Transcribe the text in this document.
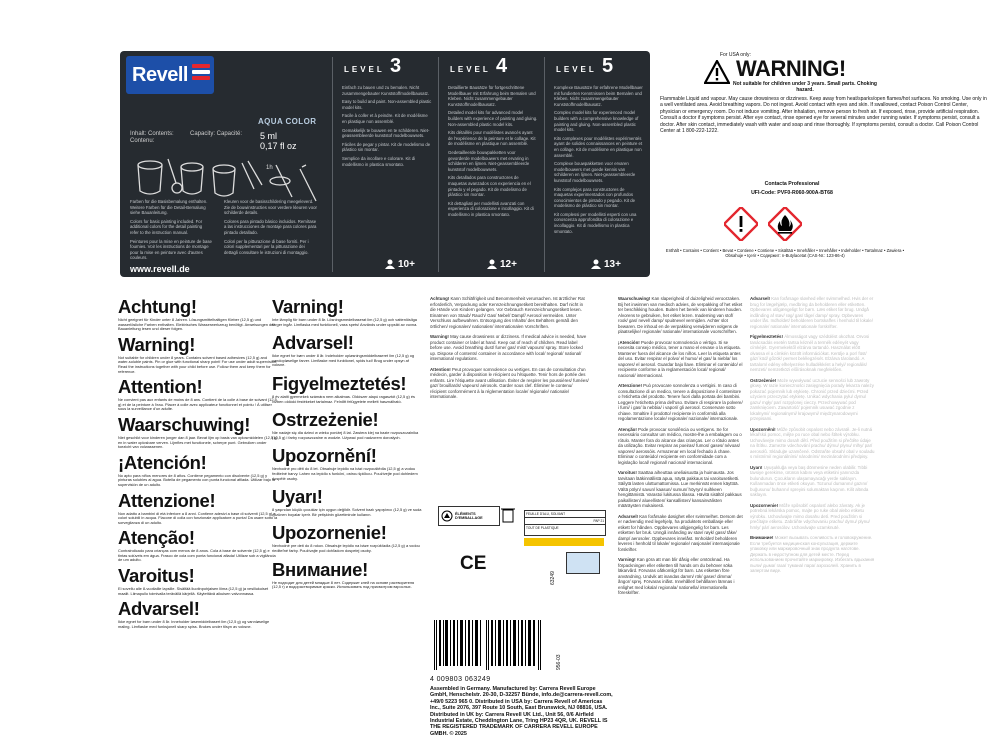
Revell
AQUA COLOR
Inhalt: Contents: Contenu:
Capacity: Capacité:	5 ml
0,17 fl oz
1h

Farben für die Basisbemalung enthalten. Weitere Farben für die Detail-Bemalung siehe Bauanleitung.

Colors for basic painting included. For additional colors for the detail painting refer to the instruction manual.

Peintures pour la mise en peinture de base fournies. Voir les instructions de montage pour la mise en peinture avec d'autres couleurs.

Kleuren voor de basisschildering meegeleverd. Zie de bouwinstructies voor verdere kleuren voor schilderde details.

Colores para pintado básico incluidos. Remítase a las instrucciones de montaje para colores para pintado detallado.

Colori per la pitturazione di base forniti. Per i colori supplementari per la pitturazione dei dettagli consultare le istruzioni di montaggio.

www.revell.de
LEVEL 3

Einfach zu bauen und zu bemalen. Nicht zusammengebauter Kunststoffmodellbausatz.

Easy to build and paint. Non-assembled plastic model kits.

Facile à coller et à peindre. Kit de modélisme en plastique non assemblé.

Gemakkelijk te bouwen en te schilderen. Niet-geassembleerde kunststof modelbouwsets.

Fáciles de pegar y pintar. Kit de modelismo de plástico sin montar.

Semplice da incollare e colorare. Kit di modellismo in plastica smontato.

10+
LEVEL 4

Detaillierte Bausätze für fortgeschrittene Modellbauer mit Erfahrung beim Bemalen und Kleben. Nicht zusammengebauter Kunststoffmodellbausatz.

Detailed model kits for advanced model builders with experience of painting and gluing. Non-assembled plastic model kits.

Kits détaillés pour modélistes avancés ayant de l'expérience de la peinture et le collage. Kit de modélisme en plastique non assemblé.

Gedetailleerde bouwpakketten voor gevorderde modelbouwers met ervaring in schilderen en lijmen. Niet-geassembleerde kunststof modelbouwsets.

Kits detallados para constructores de maquetas avanzados con experiencia en el pintado y el pegado. Kit de modelismo de plástico sin montar.

Kit dettagliati per modellisti avanzati con esperienza di colorazione e incollaggio. Kit di modellismo in plastica smontato.

12+
LEVEL 5

Komplexe Bausätze für erfahrene Modellbauer mit fundierten Kenntnissen beim Bemalen und Kleben. Nicht zusammengebauter Kunststoffmodellbausatz.

Complex model kits for experienced model builders with a comprehensive knowledge of painting and gluing. Non-assembled plastic model kits.

Kits complexes pour modélistes expérimentés ayant de solides connaissances en peinture et en collage. Kit de modélisme en plastique non assemblé.

Complexe bouwpakketten voor ervaren modelbouwers met goede kennis van schilderen en lijmen. Niet-geassembleerde kunststof modelbouwsets.

Kits complejos para constructores de maquetas experimentados con profundos conocimientos de pintado y pegado. Kit de modelismo de plástico sin montar.

Kit complessi per modellisti esperti con una conoscenza approfondita di colorazione e incollaggio. Kit di modellismo in plastica smontato.

13+
For USA only:
WARNING!
Not suitable for children under 3 years. Small parts. Choking hazard.
Flammable Liquid and vapour. May cause drowsiness or dizziness. Keep away from heat/sparks/open flames/hot surfaces. No smoking. Use only in a well ventilated area. Avoid breathing vapors. Do not ingest. Avoid contact with eyes and skin. If swallowed, contact Poison Control Center, physician or emergency room. Do not induce vomiting. After inhalation, remove person to fresh air. If exposed, rinse, provide artificial respiration. Consult a doctor if symptoms persist. After eye contact, rinse opened eye for several minutes under running water. If symptoms persist, consult a doctor. After skin contact, immediately wash with water and soap and rinse thoroughly. If symptoms persist, consult a doctor. Call Poison Control Center at 1 800-222-1222.
Contacta Professional
UFI-Code: PVF0-R060-900A-BT68
Enthält • Contains • Contient • Bevat • Contiene • Contiene • Sisältää • Innehåller • Innehåller • Indeholder • Tartalmaz • Zawiera • Obsahuje • Içerir • Содержит: n-Butylacetat (CAS-Nr.: 123-86-4)
Achtung!
Nicht geeignet für Kinder unter 8 Jahren. Lösungsmittelhaltigen Kleber (12,5 g) und wasserlösliche Farben enthalten. Elektrisches Wasserwerkzeug benötigt. Anweisungen der Bauanleitung lesen und dieser folgen.
Warning!
Not suitable for children under 8 years. Contains solvent based adhesives (12,5 g) and water-soluble paints. Pin or glue with functional sharp point! For use under adult supervision. Read the instructions together with your child before use. Follow them and keep them for reference.
Attention!
Ne convient pas aux enfants de moins de 8 ans. Contient de la colle à base de solvant (12,5 g) et de la peinture à l'eau. Placer à colle avec applicateur fonctionnel et pointu ! À utiliser sous la surveillance d'un adulte.
Waarschuwing!
Niet geschikt voor kinderen jonger dan 8 jaar. Bevat lijm op basis van oplosmiddelen (12,5 g) en in water oplosbare verven. Lijmfles met functionele, scherpe punt. Gebruiken onder toezicht van volwassenen.
¡Atención!
No apto para niños menores de 8 años. Contiene pegamento con disolvente (12,5 g) y pinturas solubles al agua. Botella de pegamento con punta funcional afilada. Utilizar bajo la supervisión de un adulto.
Attenzione!
Non adatto a bambini di età inferiore a 8 anni. Contiene adesivi a base di solventi (12,5 g) e colori solubili in acqua. Flacone di colla con funzionale applicatore a punta! Da usare sotto la sorveglianza di un adulto.
Atenção!
Contraindicado para crianças com menos de 8 anos. Cola à base de solvente (12,5 g) e tintas solúveis em água. Frasco de cola com ponta funcional afiada! Utilizar sob a vigilância de um adulto.
Varoitus!
Ei sovellu alle 8-vuotiaille lapsille. Sisältää liuotinpohjaisen liima (12,5 g) ja vesiliukoiset maalit. Liimapullo toimivalla terävällä kärjellä. Käytettävä aikuisen valvonnassa.
Advarsel!
Ikke egnet for barn under 8 år. Inneholder løsemiddelbasert lim (12,5 g) og vannløselige maling. Limflaske med funksjonell skarp spiss. Brukes under tilsyn av voksne.
Varning!
Inte lämplig för barn under 8 år. Lösningsmedelbaserat lim (12,5 g) och vattenlösliga färger ingår. Limflaska med funktionell, vass spets! Används under uppsikt av vuxna.
Advarsel!
Ikke egnet for børn under 8 år. Indeholder opløsningsmiddelbaseret lim (12,5 g) og vandopløselige farver. Limflaske med funktionel, spids tud! Brug under opsyn af voksne.
Figyelmeztetés!
8 év alatti gyermekek számára nem alkalmas. Oldószer alapú ragasztót (12,5 g) és vízben oldódó festékeket tartalmaz. Felnőtt felügyelete mellett használható.
Ostrzeżenie!
Nie nadaje się dla dzieci w wieku poniżej 8 lat. Zawiera klej na bazie rozpuszczalnika (12,5 g) i farby rozpuszczalne w wodzie. Używać pod nadzorem dorosłych.
Upozornění!
Nevhodné pro děti do 8 let. Obsahuje lepidlo na bázi rozpouštědla (12,5 g) a vodou ředitelné barvy. Lahev na lepidlo s funkční, ostrou špičkou. Používejte pod dohledem dospělé osoby.
Uyarı!
8 yaşından küçük çocuklar için uygun değildir. Solvent bazlı yapıştırıcı (12,5 g) ve suda çözünen boyalar içerir. Bir yetişkinin gözetiminde kullanın.
Upozornenie!
Nevhodné pre deti do 8 rokov. Obsahuje lepidlo na báze rozpúšťadla (12,5 g) a vodou riediteľné farby. Používajte pod dohľadom dospelej osoby.
Внимание!
Не подходит для детей младше 8 лет. Содержит клей на основе растворителя (12,5 г) и водорастворимые краски. Использовать под присмотром взрослых.

Achtung! Kann Schläfrigkeit und Benommenheit verursachen. Ist ärztlicher Rat erforderlich, Verpackung oder Kennzeichnungsetikett bereithalten. Darf nicht in die Hände von Kindern gelangen. Vor Gebrauch Kennzeichnungsetikett lesen. Einatmen von Staub/ Rauch/ Gas/ Nebel/ Dampf/ Aerosol vermeiden. Unter Verschluss aufbewahren. Entsorgung des Inhalts/ des Behälters gemäß den örtlichen/ regionalen/ nationalen/ internationalen Vorschriften.

Warning! May cause drowsiness or dizziness. If medical advice is needed, have product container or label at hand. Keep out of reach of children. Read label before use. Avoid breathing dust/ fume/ gas/ mist/ vapours/ spray. Store locked up. Dispose of contents/ container in accordance with local/ regional/ national/ international regulations.

Attention! Peut provoquer somnolence ou vertiges. En cas de consultation d'un médecin, garder à disposition le récipient ou l'étiquette. Tenir hors de portée des enfants. Lire l'étiquette avant utilisation. Éviter de respirer les poussières/ fumées/ gaz/ brouillards/ vapeurs/ aérosols. Garder sous clef. Éliminer le contenu/ récipient conformément à la réglementation locale/ régionale/ nationale/ internationale.

Waarschuwing! Kan slaperigheid of duizeligheid veroorzaken. Bij het inwinnen van medisch advies, de verpakking of het etiket ter beschikking houden. Buiten het bereik van kinderen houden. Alvorens te gebruiken, het etiket lezen. Inademing van stof/ rook/ gas/ nevel/ damp/ spuitnevel vermijden. Achter slot bewaren. De inhoud en de verpakking verwijderen volgens de plaatselijke/ regionale/ nationale/ internationale voorschriften.

¡Atención! Puede provocar somnolencia o vértigo. Si se necesita consejo médico, tener a mano el envase o la etiqueta. Mantener fuera del alcance de los niños. Leer la etiqueta antes del uso. Evitar respirar el polvo/ el humo/ el gas/ la niebla/ los vapores/ el aerosol. Guardar bajo llave. Eliminar el contenido/ el recipiente conforme a la reglamentación local/ regional/ nacional/ internacional.

Attenzione! Può provocare sonnolenza o vertigini. In caso di consultazione di un medico, tenere a disposizione il contenitore o l'etichetta del prodotto. Tenere fuori dalla portata dei bambini. Leggere l'etichetta prima dell'uso. Evitare di respirare la polvere/ i fumi/ i gas/ la nebbia/ i vapori/ gli aerosol. Conservare sotto chiave. Smaltire il prodotto/ recipiente in conformità alla regolamentazione locale/ regionale/ nazionale/ internazionale.

Atenção! Pode provocar sonolência ou vertigens. Se for necessário consultar um médico, mostre-lhe a embalagem ou o rótulo. Manter fora do alcance das crianças. Ler o rótulo antes da utilização. Evitar respirar as poeiras/ fumos/ gases/ névoas/ vapores/ aerossóis. Armazenar em local fechado à chave. Eliminar o conteúdo/ recipiente em conformidade com a legislação local/ regional/ nacional/ internacional.

Varoitus! Saattaa aiheuttaa uneliaisuutta ja huimausta. Jos tarvitaan lääkinnällistä apua, näytä pakkaus tai varoitusetiketti. Säilytä lasten ulottumattomissa. Lue merkinnät ennen käyttöä. Vältä pölyn/ savun/ kaasun/ sumun/ höyryn/ suihkeen hengittämistä. Varastoi lukitussa tilassa. Hävitä sisältö/ pakkaus paikallisten/ alueellisten/ kansallisten/ kansainvälisten määräysten mukaisesti.

Advarsel! Kan forårsake døsighet eller svimmelhet. Dersom det er nødvendig med legehjelp, ha produktets emballasje eller etikett for hånden. Oppbevares utilgjengelig for barn. Les etiketten før bruk. Unngå innånding av støv/ røyk/ gass/ tåke/ damp/ aerosoler. Oppbevares innelåst. Innholdet/ beholderen leveres i henhold til lokale/ regionale/ nasjonale/ internasjonale forskrifter.

Varning! Kan göra att man blir dåsig eller omtöcknad. Ha förpackningen eller etiketten till hands om du behöver söka läkarvård. Förvaras oåtkomligt för barn. Läs etiketten före användning. Undvik att inandas damm/ rök/ gaser/ dimma/ ångor/ sprej. Förvaras inlåst. Innehållet/ behållaren lämnas i enlighet med lokala/ regionala/ nationella/ internationella föreskrifter.

Advarsel! Kan forårsage sløvhed eller svimmelhed. Hvis der er brug for lægehjælp, medbring da beholderen eller etiketten. Opbevares utilgængeligt for børn. Læs etiket før brug. Undgå indånding af støv/ røg/ gas/ tåge/ damp/ spray. Opbevares under lås. Indholdet/ beholderen bortskaffes i henhold til lokale/ regionale/ nationale/ internationale forskrifter.

Figyelmeztetés! Álmosságot vagy szédülést okozhat. Orvosi tanácsadás esetén tartsa kéznél a termék edényét vagy címkéjét. Gyermekektől elzárva tartandó. Használat előtt olvassa el a címkén közölt információkat. Kerülje a por/ füst/ gáz/ köd/ gőzök/ permet belélegzését. Elzárva tárolandó. A tartalom/ edény elhelyezése hulladékként a helyi/ regionális/ nemzeti/ nemzetközi előírásoknak megfelelően.

Ostrzeżenie! Może wywoływać uczucie senności lub zawroty głowy. W razie konieczności zasięgnięcia porady lekarza należy pokazać pojemnik lub etykietę. Chronić przed dziećmi. Przed użyciem przeczytać etykietę. Unikać wdychania pyłu/ dymu/ gazu/ mgły/ par/ rozpylonej cieczy. Przechowywać pod zamknięciem. Zawartość/ pojemnik usuwać zgodnie z lokalnymi/ regionalnymi/ krajowymi/ międzynarodowymi przepisami.

Upozornění! Může způsobit ospalost nebo závratě. Je-li nutná lékařská pomoc, mějte po ruce obal nebo štítek výrobku. Uchovávejte mimo dosah dětí. Před použitím si přečtěte údaje na štítku. Zamezte vdechování prachu/ dýmu/ plynu/ mlhy/ par/ aerosolů. Skladujte uzamčené. Odstraňte obsah/ obal v souladu s místními/ regionálními/ národními/ mezinárodními předpisy.

Uyarı! Uyuşukluğa veya baş dönmesine neden olabilir. Tıbbi tavsiye gerekirse, ürünün kabını veya etiketini yanınızda bulundurun. Çocukların ulaşamayacağı yerde saklayın. Kullanmadan önce etiketi okuyun. Tozunu/ dumanını/ gazını/ buğusunu/ buharını/ spreyini solumaktan kaçının. Kilit altında saklayın.

Upozornenie! Môže spôsobiť ospalosť alebo závraty. Ak je potrebná lekárska pomoc, majte po ruke obal alebo etiketu výrobku. Uchovávajte mimo dosahu detí. Pred použitím si prečítajte etiketu. Zabráňte vdychovaniu prachu/ dymu/ plynu/ hmly/ pár/ aerosólov. Uchovávajte uzamknuté.

Внимание! Может вызывать сонливость и головокружение. Если требуется медицинская консультация, держите упаковку или маркировочный знак продукта наготове. Держать в недоступном для детей месте. Перед использованием прочитайте маркировку. Избегать вдыхания пыли/ дыма/ газа/ тумана/ пара/ аэрозолей. Хранить в запертом виде.

ÉLÉMENTS D'EMBALLAGE
FEUILLE D'ALU, SOLVANT
PAP 21
TOUT DE PLASTIQUE
CE
63249
956-03
4 009803 063249
Assembled in Germany. Manufactured by: Carrera Revell Europe GmbH, Henschelstr. 20-30, D-32257 Bünde, info.de@carrera-revell.com, +49/0 5223 965 0. Distributed in USA by: Carrera Revell of Americas Inc., Suite 2076, 397 Route 10 South, East Brunswick, NJ 08816, USA. Distributed in UK by: Carrera Revell UK Ltd., Unit 56, 0/6 Airfield Industrial Estate, Cheddington Lane, Tring HP23 4QR, UK. REVELL IS THE REGISTERED TRADEMARK OF CARRERA REVELL EUROPE GMBH. © 2025
